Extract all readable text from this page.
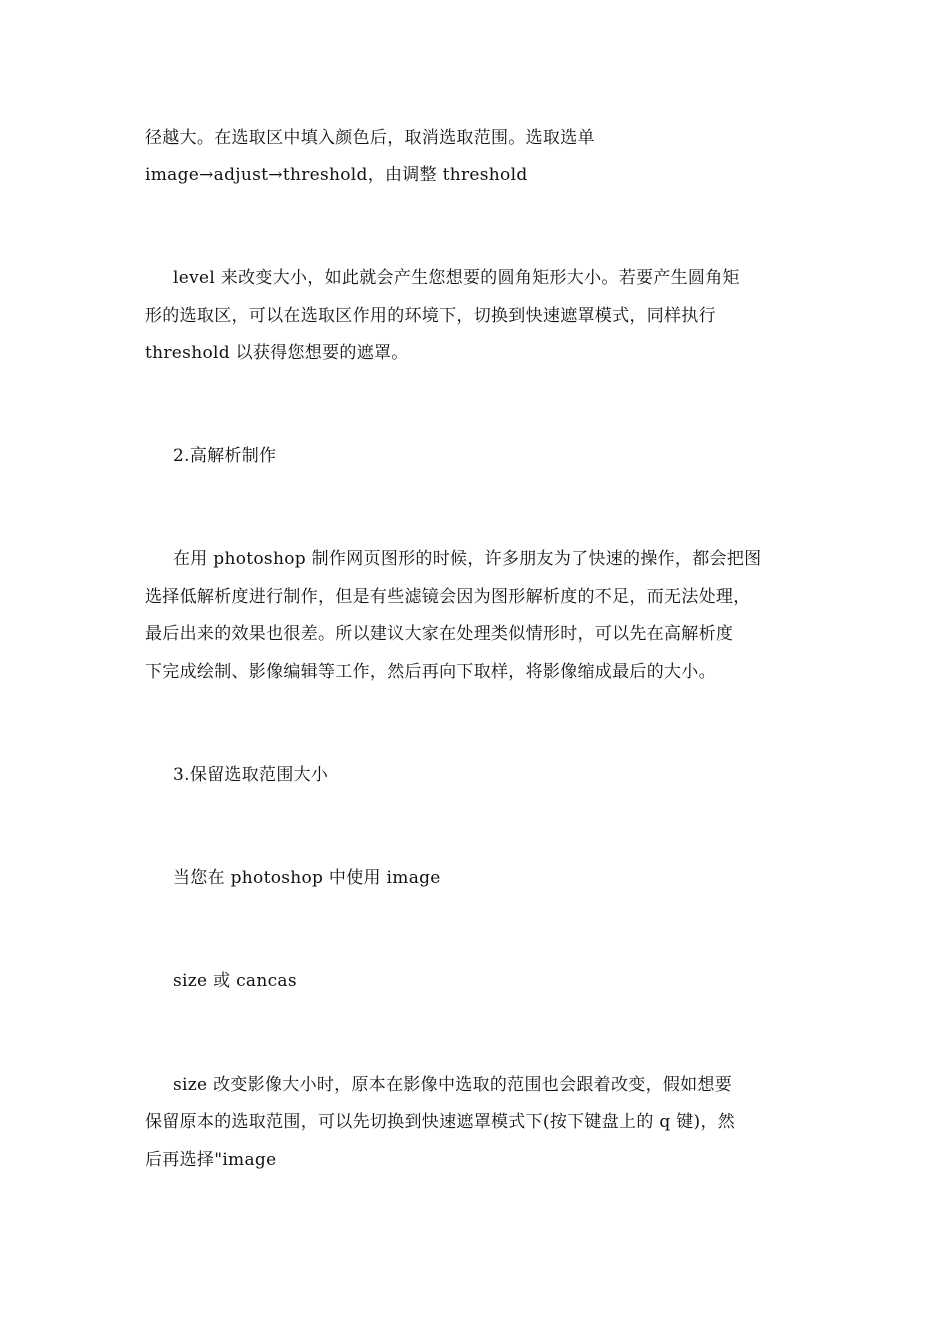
径越大。在选取区中填入颜色后，取消选取范围。选取选单
image→adjust→threshold，由调整 threshold
level 来改变大小，如此就会产生您想要的圆角矩形大小。若要产生圆角矩
形的选取区，可以在选取区作用的环境下，切换到快速遮罩模式，同样执行
threshold 以获得您想要的遮罩。
2.高解析制作
在用 photoshop 制作网页图形的时候，许多朋友为了快速的操作，都会把图
选择低解析度进行制作，但是有些滤镜会因为图形解析度的不足，而无法处理，
最后出来的效果也很差。所以建议大家在处理类似情形时，可以先在高解析度
下完成绘制、影像编辑等工作，然后再向下取样，将影像缩成最后的大小。
3.保留选取范围大小
当您在 photoshop 中使用 image
size 或 cancas
size 改变影像大小时，原本在影像中选取的范围也会跟着改变，假如想要
保留原本的选取范围，可以先切换到快速遮罩模式下(按下键盘上的 q 键)，然
后再选择"image
